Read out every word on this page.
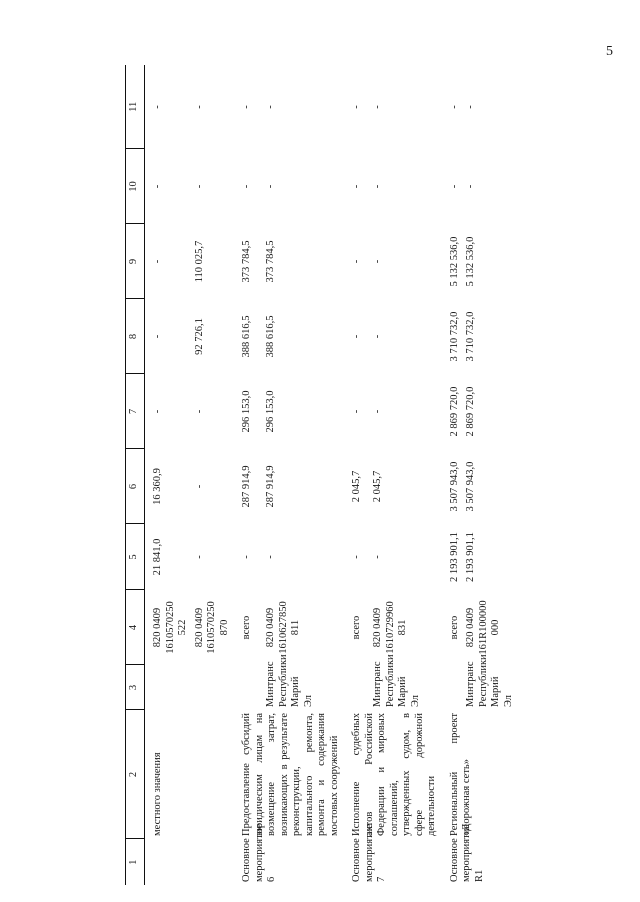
5
1	2	3	4	5	6	7	8	9	10	11

	местного значения		820 0409 1610570250 522	21 841,0	16 360,9	-	-	-	-	-
			820 0409 1610570250 870	-	-	-	92 726,1	110 025,7	-	-

Основное мероприятие 6	Предоставление субсидий юридическим лицам на возмещение затрат, возникающих в результате реконструкции, капитального ремонта, ремонта и содержания мостовых сооружений		всего	-	287 914,9	296 153,0	388 616,5	373 784,5	-	-
		Минтранс Республики Марий Эл	820 0409 1610627850 811	-	287 914,9	296 153,0	388 616,5	373 784,5	-	-

Основное мероприятие 7	Исполнение судебных актов Российской Федерации и мировых соглашений, утвержденных судом, в сфере дорожной деятельности		всего	-	2 045,7	-	-	-	-	-
		Минтранс Республики Марий Эл	820 0409 1610729960 831	-	2 045,7	-	-	-	-	-

Основное мероприятие R1	Региональный проект «Дорожная сеть»		всего	2 193 901,1	3 507 943,0	2 869 720,0	3 710 732,0	5 132 536,0	-	-
		Минтранс Республики Марий Эл	820 0409 161R100000 000	2 193 901,1	3 507 943,0	2 869 720,0	3 710 732,0	5 132 536,0	-	-
